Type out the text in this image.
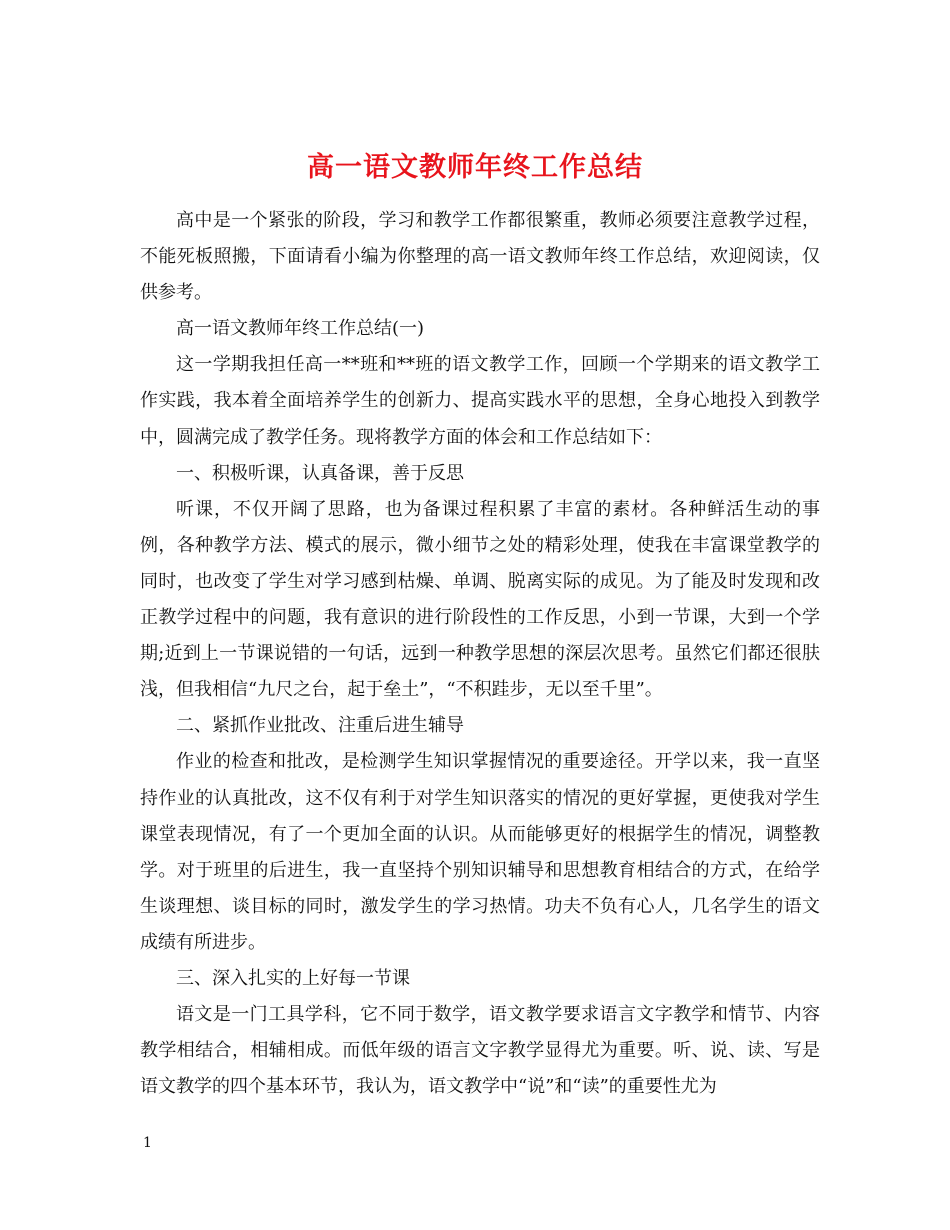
高一语文教师年终工作总结

高中是一个紧张的阶段，学习和教学工作都很繁重，教师必须要注意教学过程，不能死板照搬，下面请看小编为你整理的高一语文教师年终工作总结，欢迎阅读，仅供参考。

高一语文教师年终工作总结(一)

这一学期我担任高一**班和**班的语文教学工作，回顾一个学期来的语文教学工作实践，我本着全面培养学生的创新力、提高实践水平的思想，全身心地投入到教学中，圆满完成了教学任务。现将教学方面的体会和工作总结如下：

一、积极听课，认真备课，善于反思

听课，不仅开阔了思路，也为备课过程积累了丰富的素材。各种鲜活生动的事例，各种教学方法、模式的展示，微小细节之处的精彩处理，使我在丰富课堂教学的同时，也改变了学生对学习感到枯燥、单调、脱离实际的成见。为了能及时发现和改正教学过程中的问题，我有意识的进行阶段性的工作反思，小到一节课，大到一个学期;近到上一节课说错的一句话，远到一种教学思想的深层次思考。虽然它们都还很肤浅，但我相信“九尺之台，起于垒土”，“不积跬步，无以至千里”。

二、紧抓作业批改、注重后进生辅导

作业的检查和批改，是检测学生知识掌握情况的重要途径。开学以来，我一直坚持作业的认真批改，这不仅有利于对学生知识落实的情况的更好掌握，更使我对学生课堂表现情况，有了一个更加全面的认识。从而能够更好的根据学生的情况，调整教学。对于班里的后进生，我一直坚持个别知识辅导和思想教育相结合的方式，在给学生谈理想、谈目标的同时，激发学生的学习热情。功夫不负有心人，几名学生的语文成绩有所进步。

三、深入扎实的上好每一节课

语文是一门工具学科，它不同于数学，语文教学要求语言文字教学和情节、内容教学相结合，相辅相成。而低年级的语言文字教学显得尤为重要。听、说、读、写是语文教学的四个基本环节，我认为，语文教学中“说”和“读”的重要性尤为

1
